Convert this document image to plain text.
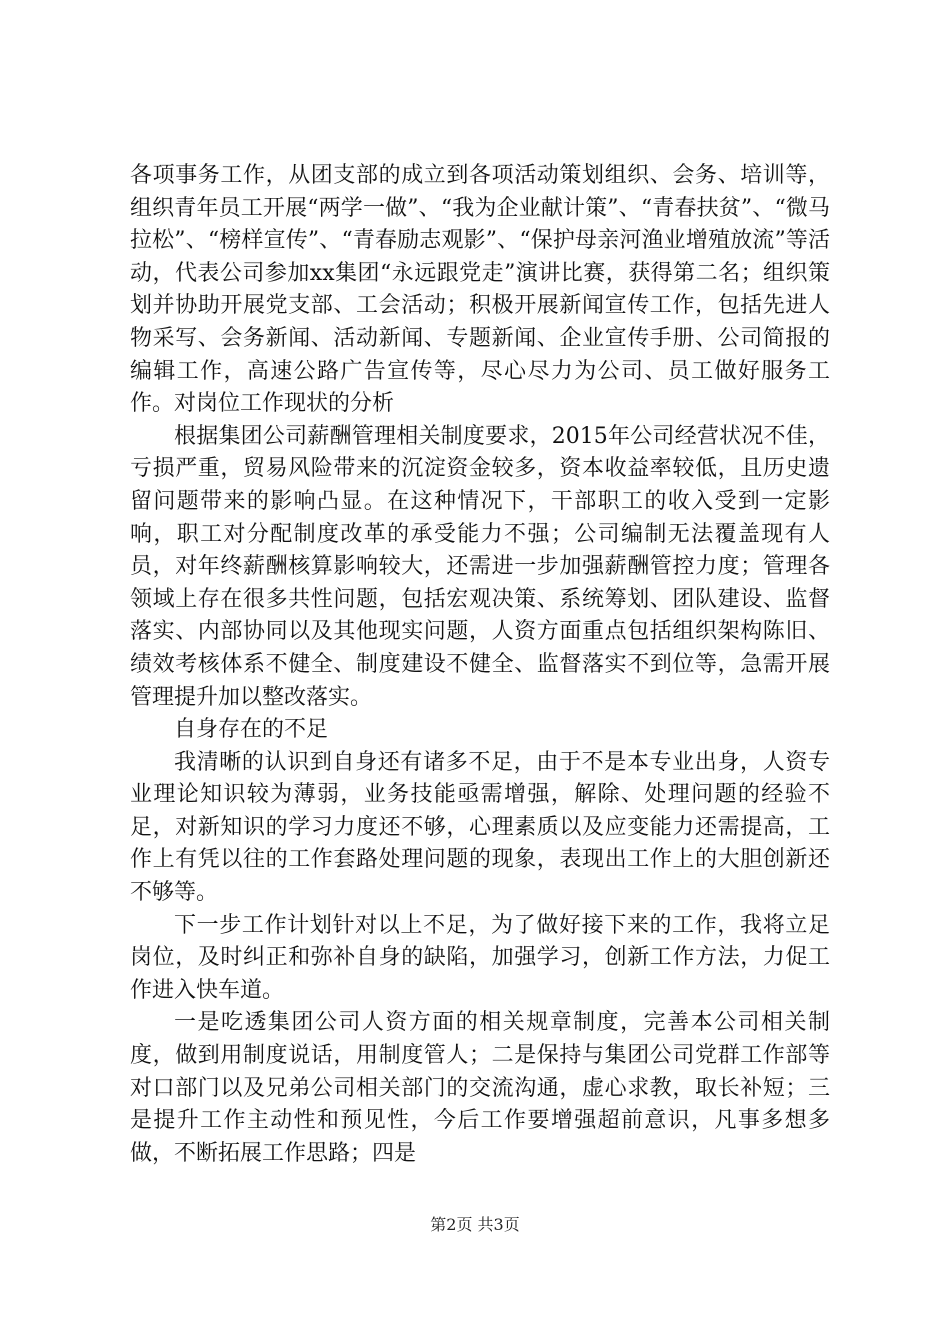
各项事务工作，从团支部的成立到各项活动策划组织、会务、培训等，组织青年员工开展“两学一做”、“我为企业献计策”、“青春扶贫”、“微马拉松”、“榜样宣传”、“青春励志观影”、“保护母亲河渔业增殖放流”等活动，代表公司参加xx集团“永远跟党走”演讲比赛，获得第二名；组织策划并协助开展党支部、工会活动；积极开展新闻宣传工作，包括先进人物采写、会务新闻、活动新闻、专题新闻、企业宣传手册、公司简报的编辑工作，高速公路广告宣传等，尽心尽力为公司、员工做好服务工作。对岗位工作现状的分析

根据集团公司薪酬管理相关制度要求，2015年公司经营状况不佳，亏损严重，贸易风险带来的沉淀资金较多，资本收益率较低，且历史遗留问题带来的影响凸显。在这种情况下，干部职工的收入受到一定影响，职工对分配制度改革的承受能力不强；公司编制无法覆盖现有人员，对年终薪酬核算影响较大，还需进一步加强薪酬管控力度；管理各领域上存在很多共性问题，包括宏观决策、系统筹划、团队建设、监督落实、内部协同以及其他现实问题，人资方面重点包括组织架构陈旧、绩效考核体系不健全、制度建设不健全、监督落实不到位等，急需开展管理提升加以整改落实。

自身存在的不足

我清晰的认识到自身还有诸多不足，由于不是本专业出身，人资专业理论知识较为薄弱，业务技能亟需增强，解除、处理问题的经验不足，对新知识的学习力度还不够，心理素质以及应变能力还需提高，工作上有凭以往的工作套路处理问题的现象，表现出工作上的大胆创新还不够等。

下一步工作计划针对以上不足，为了做好接下来的工作，我将立足岗位，及时纠正和弥补自身的缺陷，加强学习，创新工作方法，力促工作进入快车道。

一是吃透集团公司人资方面的相关规章制度，完善本公司相关制度，做到用制度说话，用制度管人；二是保持与集团公司党群工作部等对口部门以及兄弟公司相关部门的交流沟通，虚心求教，取长补短；三是提升工作主动性和预见性，今后工作要增强超前意识，凡事多想多做，不断拓展工作思路；四是

第2页 共3页
